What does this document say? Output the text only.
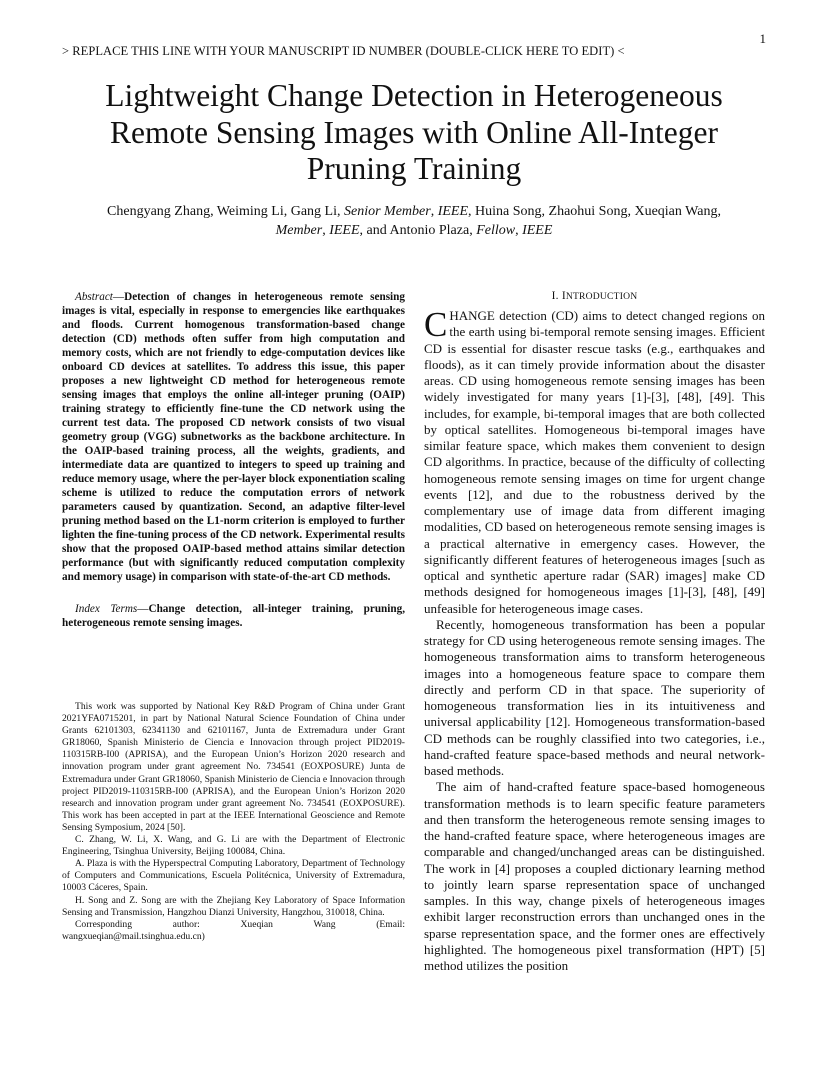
1
> REPLACE THIS LINE WITH YOUR MANUSCRIPT ID NUMBER (DOUBLE-CLICK HERE TO EDIT) <
Lightweight Change Detection in Heterogeneous
Remote Sensing Images with Online All-Integer
Pruning Training
Chengyang Zhang, Weiming Li, Gang Li, Senior Member, IEEE, Huina Song, Zhaohui Song, Xueqian Wang,
Member, IEEE, and Antonio Plaza, Fellow, IEEE

Abstract—Detection of changes in heterogeneous remote sensing images is vital, especially in response to emergencies like earthquakes and floods. Current homogenous transformation-based change detection (CD) methods often suffer from high computation and memory costs, which are not friendly to edge-computation devices like onboard CD devices at satellites. To address this issue, this paper proposes a new lightweight CD method for heterogeneous remote sensing images that employs the online all-integer pruning (OAIP) training strategy to efficiently fine-tune the CD network using the current test data. The proposed CD network consists of two visual geometry group (VGG) subnetworks as the backbone architecture. In the OAIP-based training process, all the weights, gradients, and intermediate data are quantized to integers to speed up training and reduce memory usage, where the per-layer block exponentiation scaling scheme is utilized to reduce the computation errors of network parameters caused by quantization. Second, an adaptive filter-level pruning method based on the L1-norm criterion is employed to further lighten the fine-tuning process of the CD network. Experimental results show that the proposed OAIP-based method attains similar detection performance (but with significantly reduced computation complexity and memory usage) in comparison with state-of-the-art CD methods.

Index Terms—Change detection, all-integer training, pruning, heterogeneous remote sensing images.

This work was supported by National Key R&D Program of China under Grant 2021YFA0715201, in part by National Natural Science Foundation of China under Grants 62101303, 62341130 and 62101167, Junta de Extremadura under Grant GR18060, Spanish Ministerio de Ciencia e Innovacion through project PID2019-110315RB-I00 (APRISA), and the European Union’s Horizon 2020 research and innovation program under grant agreement No. 734541 (EOXPOSURE) Junta de Extremadura under Grant GR18060, Spanish Ministerio de Ciencia e Innovacion through project PID2019-110315RB-I00 (APRISA), and the European Union’s Horizon 2020 research and innovation program under grant agreement No. 734541 (EOXPOSURE). This work has been accepted in part at the IEEE International Geoscience and Remote Sensing Symposium, 2024 [50].

C. Zhang, W. Li, X. Wang, and G. Li are with the Department of Electronic Engineering, Tsinghua University, Beijing 100084, China.

A. Plaza is with the Hyperspectral Computing Laboratory, Department of Technology of Computers and Communications, Escuela Politécnica, University of Extremadura, 10003 Cáceres, Spain.

H. Song and Z. Song are with the Zhejiang Key Laboratory of Space Information Sensing and Transmission, Hangzhou Dianzi University, Hangzhou, 310018, China.

Corresponding author: Xueqian Wang (Email:

wangxueqian@mail.tsinghua.edu.cn)

I. INTRODUCTION

CHANGE detection (CD) aims to detect changed regions on the earth using bi-temporal remote sensing images. Efficient CD is essential for disaster rescue tasks (e.g., earthquakes and floods), as it can timely provide information about the disaster areas. CD using homogeneous remote sensing images has been widely investigated for many years [1]-[3], [48], [49]. This includes, for example, bi-temporal images that are both collected by optical satellites. Homogeneous bi-temporal images have similar feature space, which makes them convenient to design CD algorithms. In practice, because of the difficulty of collecting homogeneous remote sensing images on time for urgent change events [12], and due to the robustness derived by the complementary use of image data from different imaging modalities, CD based on heterogeneous remote sensing images is a practical alternative in emergency cases. However, the significantly different features of heterogeneous images [such as optical and synthetic aperture radar (SAR) images] make CD methods designed for homogeneous images [1]-[3], [48], [49] unfeasible for heterogeneous image cases.

Recently, homogeneous transformation has been a popular strategy for CD using heterogeneous remote sensing images. The homogeneous transformation aims to transform heterogeneous images into a homogeneous feature space to compare them directly and perform CD in that space. The superiority of homogeneous transformation lies in its intuitiveness and universal applicability [12]. Homogeneous transformation-based CD methods can be roughly classified into two categories, i.e., hand-crafted feature space-based methods and neural network-based methods.

The aim of hand-crafted feature space-based homogeneous transformation methods is to learn specific feature parameters and then transform the heterogeneous remote sensing images to the hand-crafted feature space, where heterogeneous images are comparable and changed/unchanged areas can be distinguished. The work in [4] proposes a coupled dictionary learning method to jointly learn sparse representation space of unchanged samples. In this way, change pixels of heterogeneous images exhibit larger reconstruction errors than unchanged ones in the sparse representation space, and the former ones are effectively highlighted. The homogeneous pixel transformation (HPT) [5] method utilizes the position
